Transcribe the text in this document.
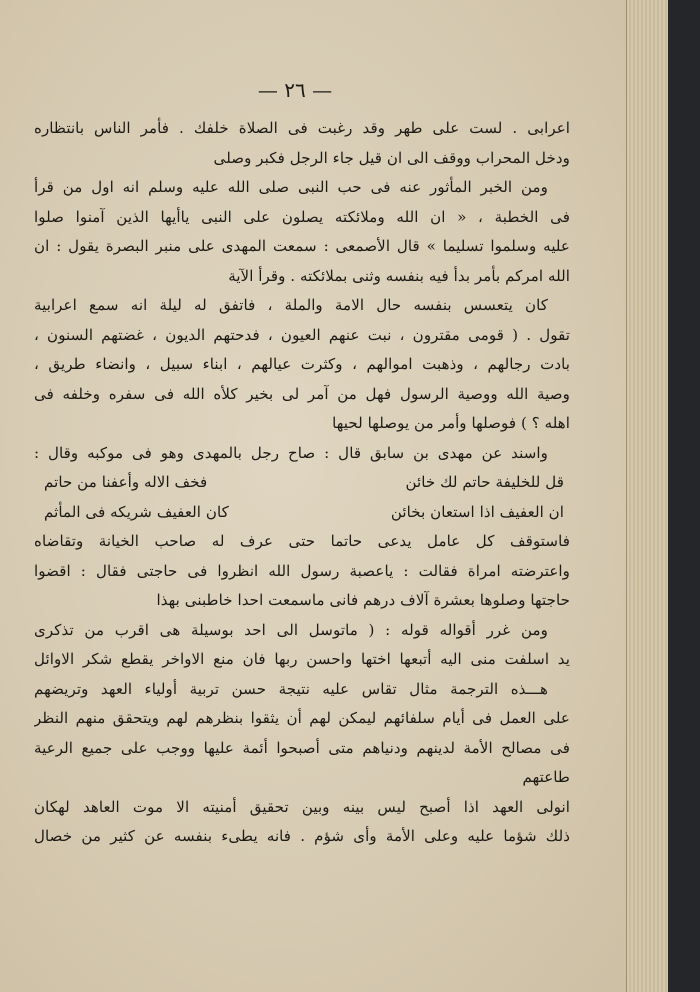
— ٢٦ —
اعرابی . لست علی طهر وقد رغبت فی الصلاة خلفك . فأمر الناس بانتظاره
ودخل المحراب ووقف الی ان قیل جاء الرجل فکبر وصلی
ومن الخبر المأثور عنه فی حب النبی صلی الله علیه وسلم انه اول من قرأ
فی الخطبة ، « ان الله وملائکته یصلون علی النبی یاأیها الذین آمنوا صلوا
علیه وسلموا تسلیما » قال الأصمعی : سمعت المهدی علی منبر البصرة یقول : ان
الله امرکم بأمر بدأ فیه بنفسه وثنی بملائکته . وقرأ الآیة
کان یتعسس بنفسه حال الامة والملة ، فاتفق له لیلة انه سمع اعرابیة
تقول . ( قومی مقترون ، نبت عنهم العیون ، فدحتهم الدیون ، غضتهم السنون ،
بادت رجالهم ، وذهبت اموالهم ، وکثرت عیالهم ، ابناء سبیل ، وانضاء طریق ،
وصیة الله ووصیة الرسول فهل من آمر لی بخیر کلأه الله فی سفره وخلفه فی
اهله ؟ ) فوصلها وأمر من یوصلها لحیها
واسند عن مهدی بن سابق قال : صاح رجل بالمهدی وهو فی موکبه وقال :
قل للخلیفة حاتم لك خائن
فخف الاله وأعفنا من حاتم
ان العفیف اذا استعان بخائن
کان العفیف شریکه فی المأثم
فاستوقف کل عامل یدعی حاتما حتی عرف له صاحب الخیانة وتقاضاه
واعترضته امراة فقالت : یاعصبة رسول الله انظروا فی حاجتی فقال : اقضوا
حاجتها وصلوها بعشرة آلاف درهم فانی ماسمعت احدا خاطبنی بهذا
ومن غرر أقواله قوله : ( ماتوسل الی احد بوسیلة هی اقرب من تذکری
ید اسلفت منی الیه أتبعها اختها واحسن ربها فان منع الاواخر یقطع شکر الاوائل
هـــذه الترجمة مثال تقاس علیه نتیجة حسن تربیة أولیاء العهد وتریضهم
علی العمل فی أیام سلفائهم لیمکن لهم أن یثقوا بنظرهم لهم ویتحقق منهم النظر
فی مصالح الأمة لدینهم ودنیاهم متی أصبحوا أئمة علیها ووجب علی جمیع الرعیة
طاعتهم
انولی العهد اذا أصبح لیس بینه وبین تحقیق أمنیته الا موت العاهد لهکان
ذلك شؤما علیه وعلی الأمة وأی شؤم . فانه یطیء بنفسه عن کثیر من خصال
